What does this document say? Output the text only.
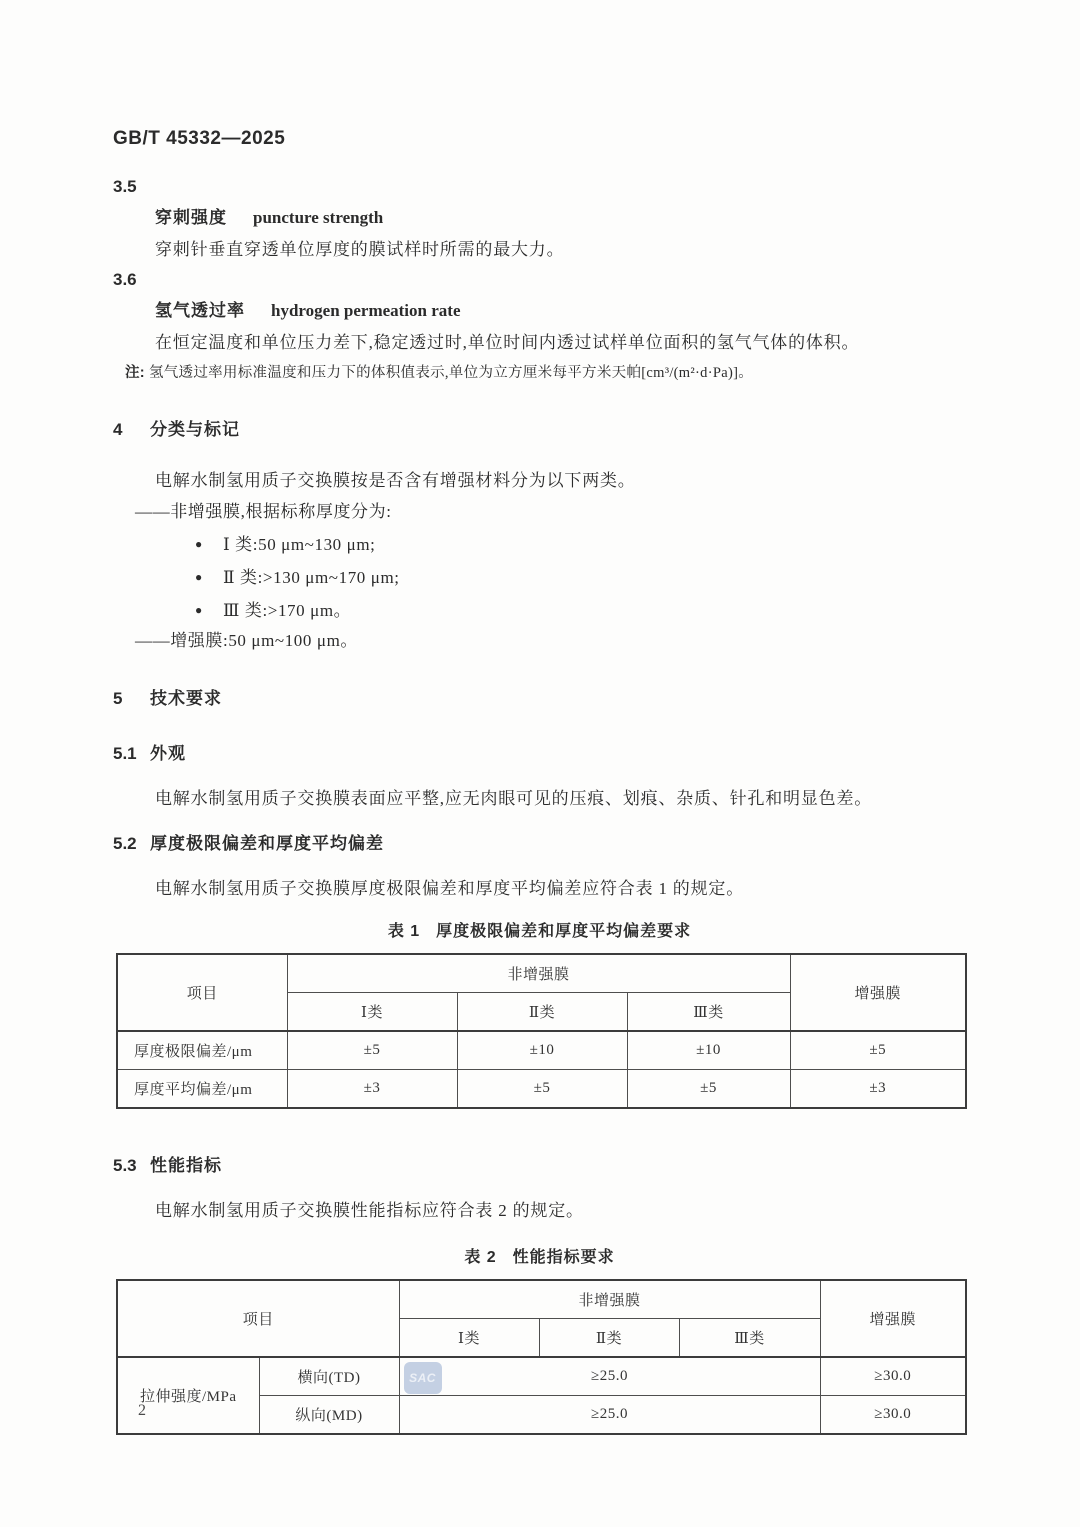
GB/T 45332—2025
3.5
穿刺强度 puncture strength
穿刺针垂直穿透单位厚度的膜试样时所需的最大力。
3.6
氢气透过率 hydrogen permeation rate
在恒定温度和单位压力差下,稳定透过时,单位时间内透过试样单位面积的氢气气体的体积。
注: 氢气透过率用标准温度和压力下的体积值表示,单位为立方厘米每平方米天帕[cm³/(m²·d·Pa)]。
4 分类与标记
电解水制氢用质子交换膜按是否含有增强材料分为以下两类。
——非增强膜,根据标称厚度分为:
● Ⅰ 类:50 μm~130 μm;
● Ⅱ 类:>130 μm~170 μm;
● Ⅲ 类:>170 μm。
——增强膜:50 μm~100 μm。
5 技术要求
5.1 外观
电解水制氢用质子交换膜表面应平整,应无肉眼可见的压痕、划痕、杂质、针孔和明显色差。
5.2 厚度极限偏差和厚度平均偏差
电解水制氢用质子交换膜厚度极限偏差和厚度平均偏差应符合表 1 的规定。
表 1 厚度极限偏差和厚度平均偏差要求
项目	非增强膜			增强膜
	Ⅰ类	Ⅱ类	Ⅲ类	
厚度极限偏差/μm	±5	±10	±10	±5
厚度平均偏差/μm	±3	±5	±5	±3
5.3 性能指标
电解水制氢用质子交换膜性能指标应符合表 2 的规定。
表 2 性能指标要求
项目		非增强膜			增强膜
		Ⅰ类	Ⅱ类	Ⅲ类	
拉伸强度/MPa	横向(TD)	SAC ≥25.0			≥30.0
	纵向(MD)	≥25.0			≥30.0
2
